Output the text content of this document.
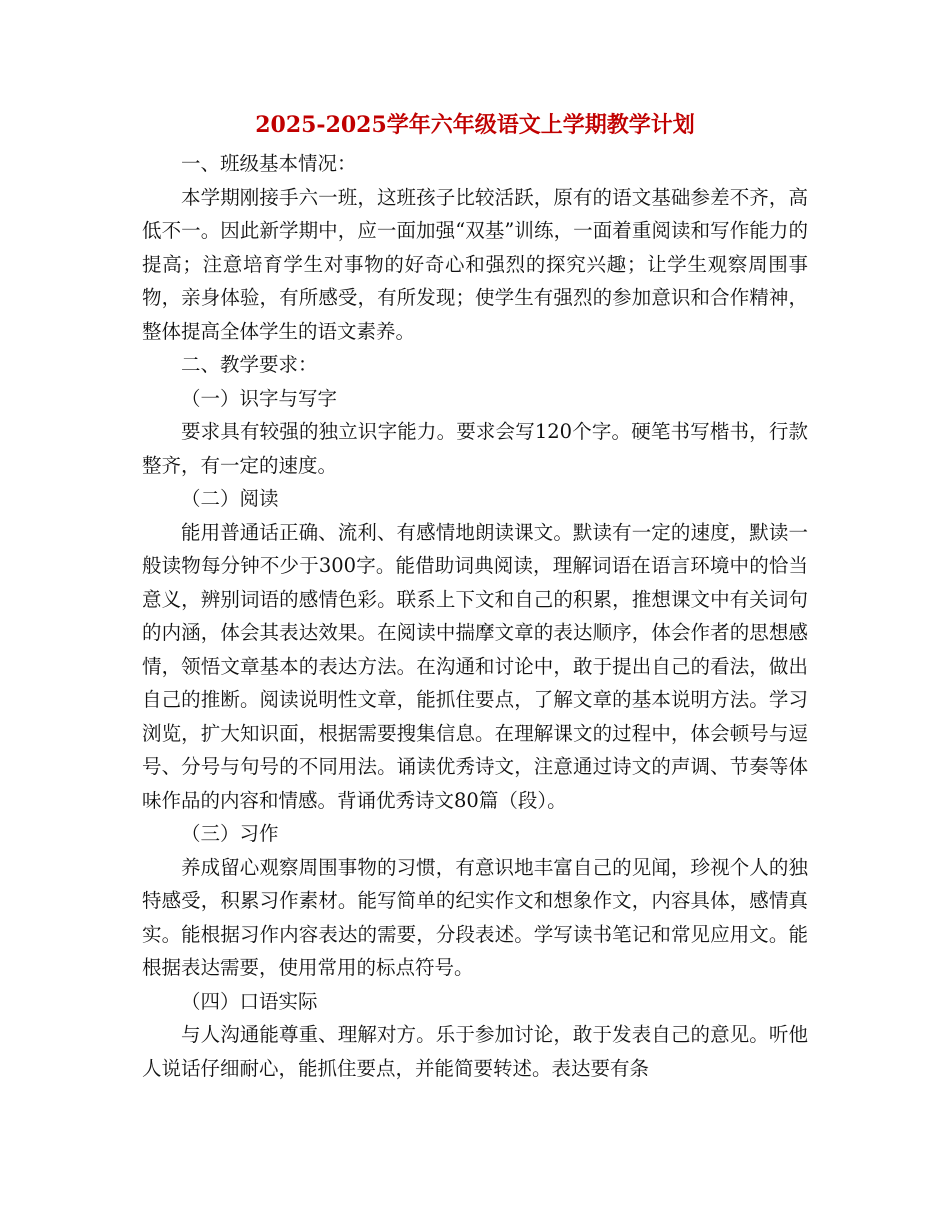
2025-2025学年六年级语文上学期教学计划

一、班级基本情况：

本学期刚接手六一班，这班孩子比较活跃，原有的语文基础参差不齐，高低不一。因此新学期中，应一面加强“双基”训练，一面着重阅读和写作能力的提高；注意培育学生对事物的好奇心和强烈的探究兴趣；让学生观察周围事物，亲身体验，有所感受，有所发现；使学生有强烈的参加意识和合作精神，整体提高全体学生的语文素养。

二、教学要求：

（一）识字与写字

要求具有较强的独立识字能力。要求会写120个字。硬笔书写楷书，行款整齐，有一定的速度。

（二）阅读

能用普通话正确、流利、有感情地朗读课文。默读有一定的速度，默读一般读物每分钟不少于300字。能借助词典阅读，理解词语在语言环境中的恰当意义，辨别词语的感情色彩。联系上下文和自己的积累，推想课文中有关词句的内涵，体会其表达效果。在阅读中揣摩文章的表达顺序，体会作者的思想感情，领悟文章基本的表达方法。在沟通和讨论中，敢于提出自己的看法，做出自己的推断。阅读说明性文章，能抓住要点，了解文章的基本说明方法。学习浏览，扩大知识面，根据需要搜集信息。在理解课文的过程中，体会顿号与逗号、分号与句号的不同用法。诵读优秀诗文，注意通过诗文的声调、节奏等体味作品的内容和情感。背诵优秀诗文80篇（段）。

（三）习作

养成留心观察周围事物的习惯，有意识地丰富自己的见闻，珍视个人的独特感受，积累习作素材。能写简单的纪实作文和想象作文，内容具体，感情真实。能根据习作内容表达的需要，分段表述。学写读书笔记和常见应用文。能根据表达需要，使用常用的标点符号。

（四）口语实际

与人沟通能尊重、理解对方。乐于参加讨论，敢于发表自己的意见。听他人说话仔细耐心，能抓住要点，并能简要转述。表达要有条
